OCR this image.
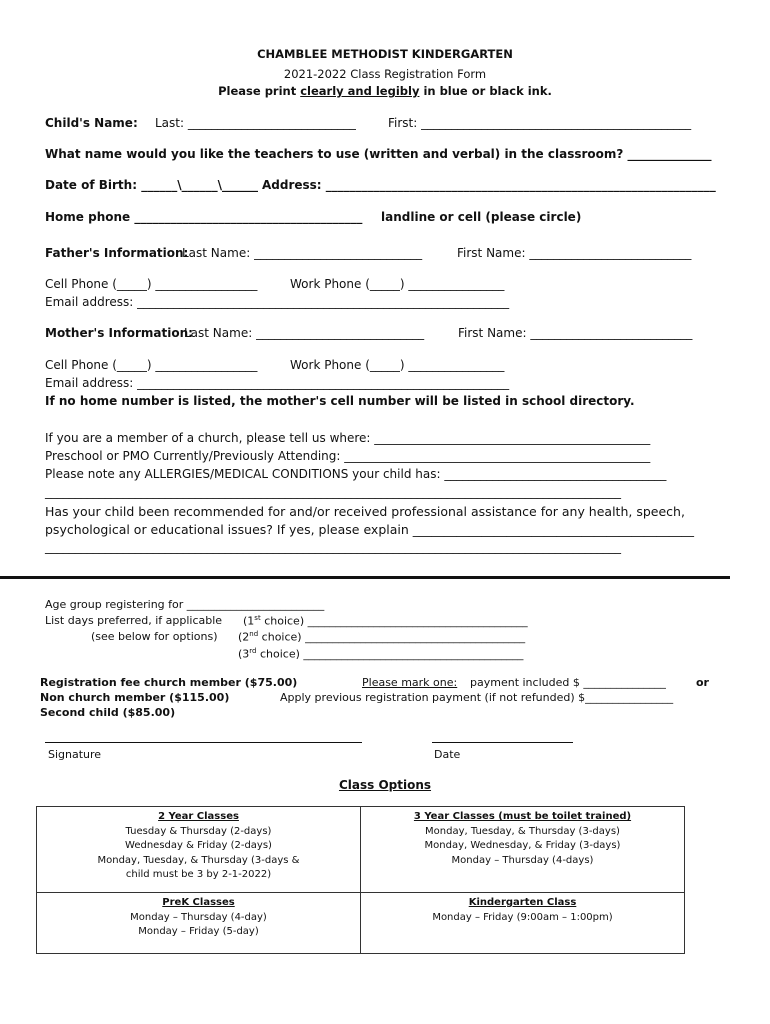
CHAMBLEE METHODIST KINDERGARTEN
2021-2022 Class Registration Form
Please print clearly and legibly in blue or black ink.
Child's Name: Last: ____________________________	First: _____________________________________________
What name would you like the teachers to use (written and verbal) in the classroom? ______________
Date of Birth: ______\______\______ Address: _________________________________________________________________
Home phone ______________________________________ landline or cell (please circle)
Father's Information:
Last Name: ____________________________	First Name: ___________________________
Cell Phone (_____) _________________	Work Phone (_____) ________________
Email address: ______________________________________________________________
Mother's Information:
Last Name: ____________________________	First Name: ___________________________
Cell Phone (_____) _________________	Work Phone (_____) ________________
Email address: ______________________________________________________________
If no home number is listed, the mother's cell number will be listed in school directory.
If you are a member of a church, please tell us where: ______________________________________________
Preschool or PMO Currently/Previously Attending: ___________________________________________________
Please note any ALLERGIES/MEDICAL CONDITIONS your child has: _____________________________________
________________________________________________________________________________________________
Has your child been recommended for and/or received professional assistance for any health, speech,
psychological or educational issues? If yes, please explain _____________________________________________
________________________________________________________________________________________________
Age group registering for _________________________
List days preferred, if applicable
(see below for options)
(1st choice) ________________________________________
(2nd choice) ________________________________________
(3rd choice) ________________________________________
Registration fee church member ($75.00)
Non church member ($115.00)
Second child ($85.00)
Please mark one: payment included $ _______________	or
Apply previous registration payment (if not refunded) $________________
Signature	Date
Class Options
2 Year Classes
Tuesday & Thursday (2-days)
Wednesday & Friday (2-days)
Monday, Tuesday, & Thursday (3-days &
child must be 3 by 2-1-2022)
3 Year Classes (must be toilet trained)
Monday, Tuesday, & Thursday (3-days)
Monday, Wednesday, & Friday (3-days)
Monday – Thursday (4-days)
PreK Classes
Monday – Thursday (4-day)
Monday – Friday (5-day)
Kindergarten Class
Monday – Friday (9:00am – 1:00pm)
